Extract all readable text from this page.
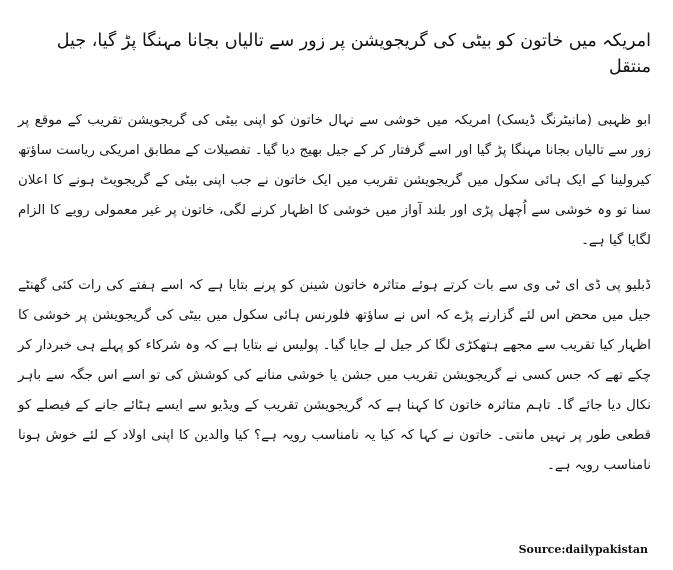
امریکہ میں خاتون کو بیٹی کی گریجویشن پر زور سے تالیاں بجانا مہنگا پڑ گیا، جیل منتقل

ابو ظہبی (مانیٹرنگ ڈیسک) امریکہ میں خوشی سے نہال خاتون کو اپنی بیٹی کی گریجویشن تقریب کے موقع پر زور سے تالیاں بجانا مہنگا پڑ گیا اور اسے گرفتار کر کے جیل بھیج دیا گیا۔ تفصیلات کے مطابق امریکی ریاست ساؤتھ کیرولینا کے ایک ہائی سکول میں گریجویشن تقریب میں ایک خاتون نے جب اپنی بیٹی کے گریجویٹ ہونے کا اعلان سنا تو وہ خوشی سے اُچھل پڑی اور بلند آواز میں خوشی کا اظہار کرنے لگی، خاتون پر غیر معمولی رویے کا الزام لگایا گیا ہے۔

ڈبلیو پی ڈی ای ٹی وی سے بات کرتے ہوئے متاثرہ خاتون شینن کو پرنے بتایا ہے کہ اسے ہفتے کی رات کئی گھنٹے جیل میں محض اس لئے گزارنے پڑے کہ اس نے ساؤتھ فلورنس ہائی سکول میں بیٹی کی گریجویشن پر خوشی کا اظہار کیا تقریب سے مجھے ہتھکڑی لگا کر جیل لے جایا گیا۔ پولیس نے بتایا ہے کہ وہ شرکاء کو پہلے ہی خبردار کر چکے تھے کہ جس کسی نے گریجویشن تقریب میں جشن یا خوشی منانے کی کوشش کی تو اسے اس جگہ سے باہر نکال دیا جائے گا۔ تاہم متاثرہ خاتون کا کہنا ہے کہ گریجویشن تقریب کے ویڈیو سے ایسے ہٹائے جانے کے فیصلے کو قطعی طور پر نہیں مانتی۔ خاتون نے کہا کہ کیا یہ نامناسب رویہ ہے؟ کیا والدین کا اپنی اولاد کے لئے خوش ہونا نامناسب رویہ ہے۔

Source:dailypakistan
